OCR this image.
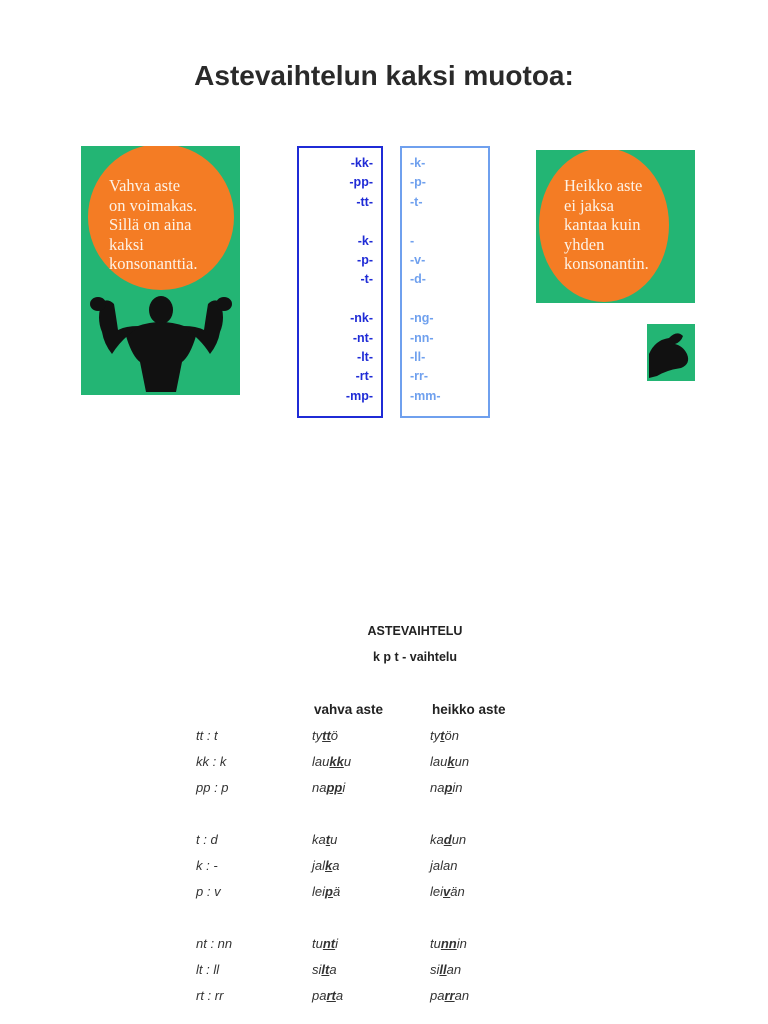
Astevaihtelun kaksi muotoa:
Vahva aste
on voimakas.
Sillä on aina
kaksi
konsonanttia.
-kk-
-pp-
-tt-
-k-
-p-
-t-
-nk-
-nt-
-lt-
-rt-
-mp-
-k-
-p-
-t-
-
-v-
-d-
-ng-
-nn-
-ll-
-rr-
-mm-
Heikko aste
ei jaksa
kantaa kuin
yhden
konsonantin.
ASTEVAIHTELU
k p t - vaihtelu
vahva aste	heikko aste
tt : t	tyttö	tytön
kk : k	laukku	laukun
pp : p	nappi	napin
t : d	katu	kadun
k : -	jalka	jalan
p : v	leipä	leivän
nt : nn	tunti	tunnin
lt : ll	silta	sillan
rt : rr	parta	parran
